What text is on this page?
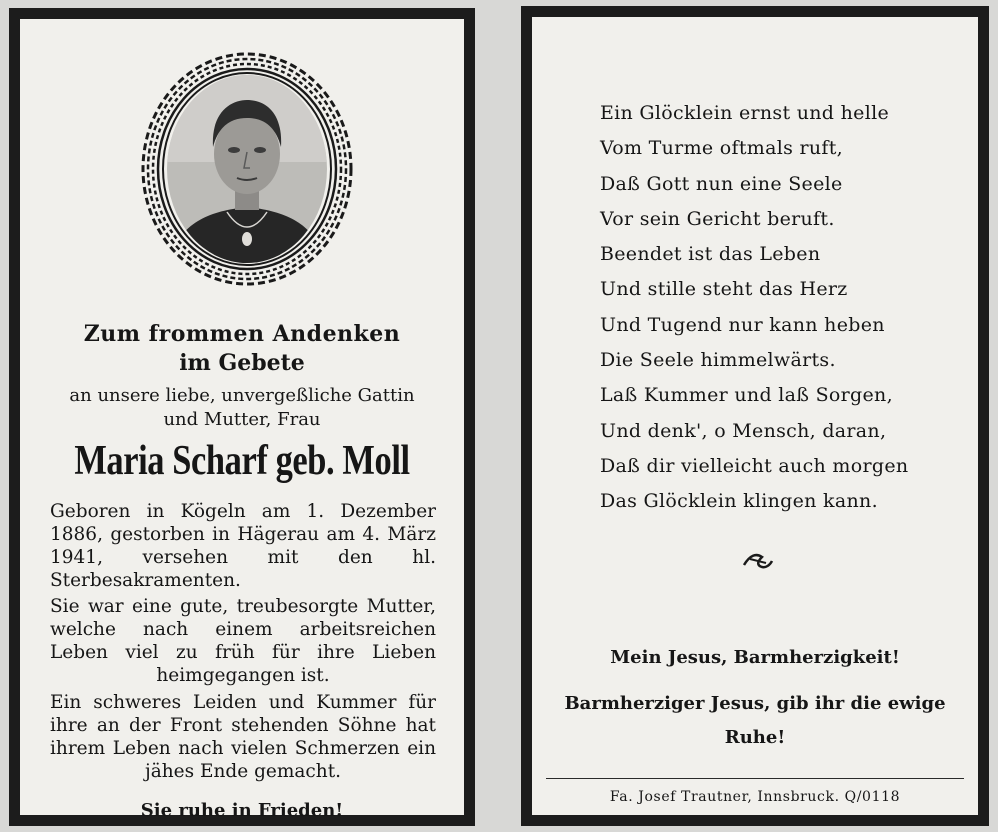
Zum frommen Andenken
im Gebete
an unsere liebe, unvergeßliche Gattin
und Mutter, Frau
Maria Scharf geb. Moll
Geboren in Kögeln am 1. Dezember 1886, gestorben in Hägerau am 4. März 1941, versehen mit den hl. Sterbesakramenten.
Sie war eine gute, treubesorgte Mutter, welche nach einem arbeitsreichen Leben viel zu früh für ihre Lieben heimgegangen ist.
Ein schweres Leiden und Kummer für ihre an der Front stehenden Söhne hat ihrem Leben nach vielen Schmerzen ein jähes Ende gemacht.
Sie ruhe in Frieden!
Ein Glöcklein ernst und helle
Vom Turme oftmals ruft,
Daß Gott nun eine Seele
Vor sein Gericht beruft.
Beendet ist das Leben
Und stille steht das Herz
Und Tugend nur kann heben
Die Seele himmelwärts.
Laß Kummer und laß Sorgen,
Und denk', o Mensch, daran,
Daß dir vielleicht auch morgen
Das Glöcklein klingen kann.
Mein Jesus, Barmherzigkeit!
Barmherziger Jesus, gib ihr die ewige
Ruhe!
Fa. Josef Trautner, Innsbruck. Q/0118
